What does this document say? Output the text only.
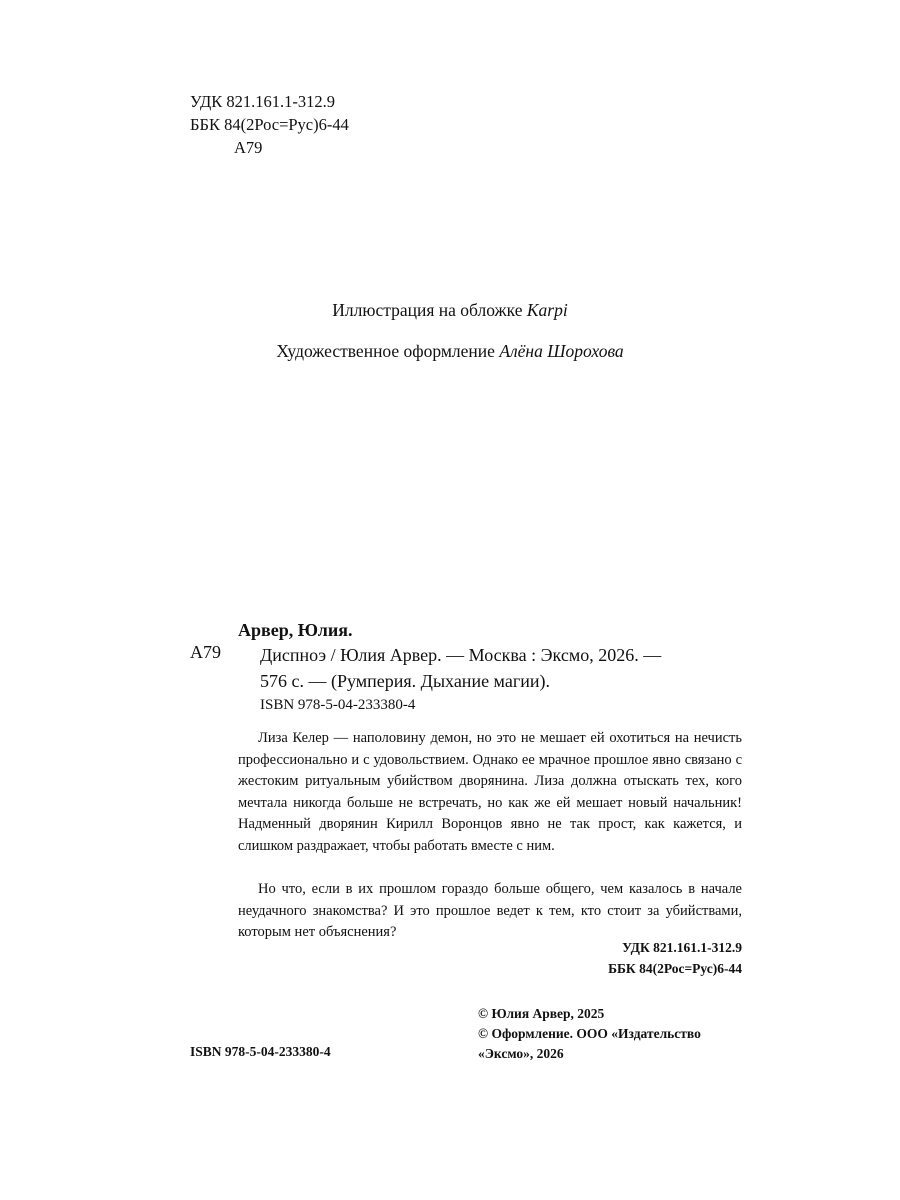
УДК 821.161.1-312.9
ББК 84(2Рос=Рус)6-44
А79
Иллюстрация на обложке Karpi
Художественное оформление Алёна Шорохова
Арвер, Юлия.
А79 Диспноэ / Юлия Арвер. — Москва : Эксмо, 2026. —
576 с. — (Румперия. Дыхание магии).
ISBN 978-5-04-233380-4

Лиза Келер — наполовину демон, но это не мешает ей охотиться на нечисть профессионально и с удовольствием. Однако ее мрачное прошлое явно связано с жестоким ритуальным убийством дворянина. Лиза должна отыскать тех, кого мечтала никогда больше не встречать, но как же ей мешает новый начальник! Надменный дворянин Кирилл Воронцов явно не так прост, как кажется, и слишком раздражает, чтобы работать вместе с ним.

Но что, если в их прошлом гораздо больше общего, чем казалось в начале неудачного знакомства? И это прошлое ведет к тем, кто стоит за убийствами, которым нет объяснения?

УДК 821.161.1-312.9
ББК 84(2Рос=Рус)6-44
© Юлия Арвер, 2025
© Оформление. ООО «Издательство «Эксмо», 2026
ISBN 978-5-04-233380-4
